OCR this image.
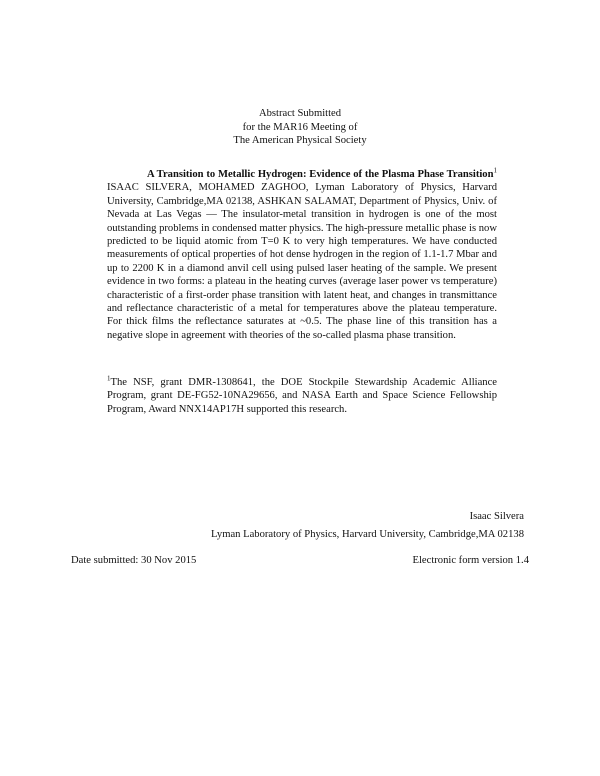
Abstract Submitted
for the MAR16 Meeting of
The American Physical Society
A Transition to Metallic Hydrogen: Evidence of the Plasma Phase Transition$^1$ ISAAC SILVERA, MOHAMED ZAGHOO, Lyman Laboratory of Physics, Harvard University, Cambridge,MA 02138, ASHKAN SALAMAT, Department of Physics, Univ. of Nevada at Las Vegas — The insulator-metal transition in hydrogen is one of the most outstanding problems in condensed matter physics. The high-pressure metallic phase is now predicted to be liquid atomic from T=0 K to very high temperatures. We have conducted measurements of optical properties of hot dense hydrogen in the region of 1.1-1.7 Mbar and up to 2200 K in a diamond anvil cell using pulsed laser heating of the sample. We present evidence in two forms: a plateau in the heating curves (average laser power vs temperature) characteristic of a first-order phase transition with latent heat, and changes in transmittance and reflectance characteristic of a metal for temperatures above the plateau temperature. For thick films the reflectance saturates at ~0.5. The phase line of this transition has a negative slope in agreement with theories of the so-called plasma phase transition.
$^1$The NSF, grant DMR-1308641, the DOE Stockpile Stewardship Academic Alliance Program, grant DE-FG52-10NA29656, and NASA Earth and Space Science Fellowship Program, Award NNX14AP17H supported this research.
Isaac Silvera
Lyman Laboratory of Physics, Harvard University, Cambridge,MA 02138
Date submitted: 30 Nov 2015	Electronic form version 1.4
